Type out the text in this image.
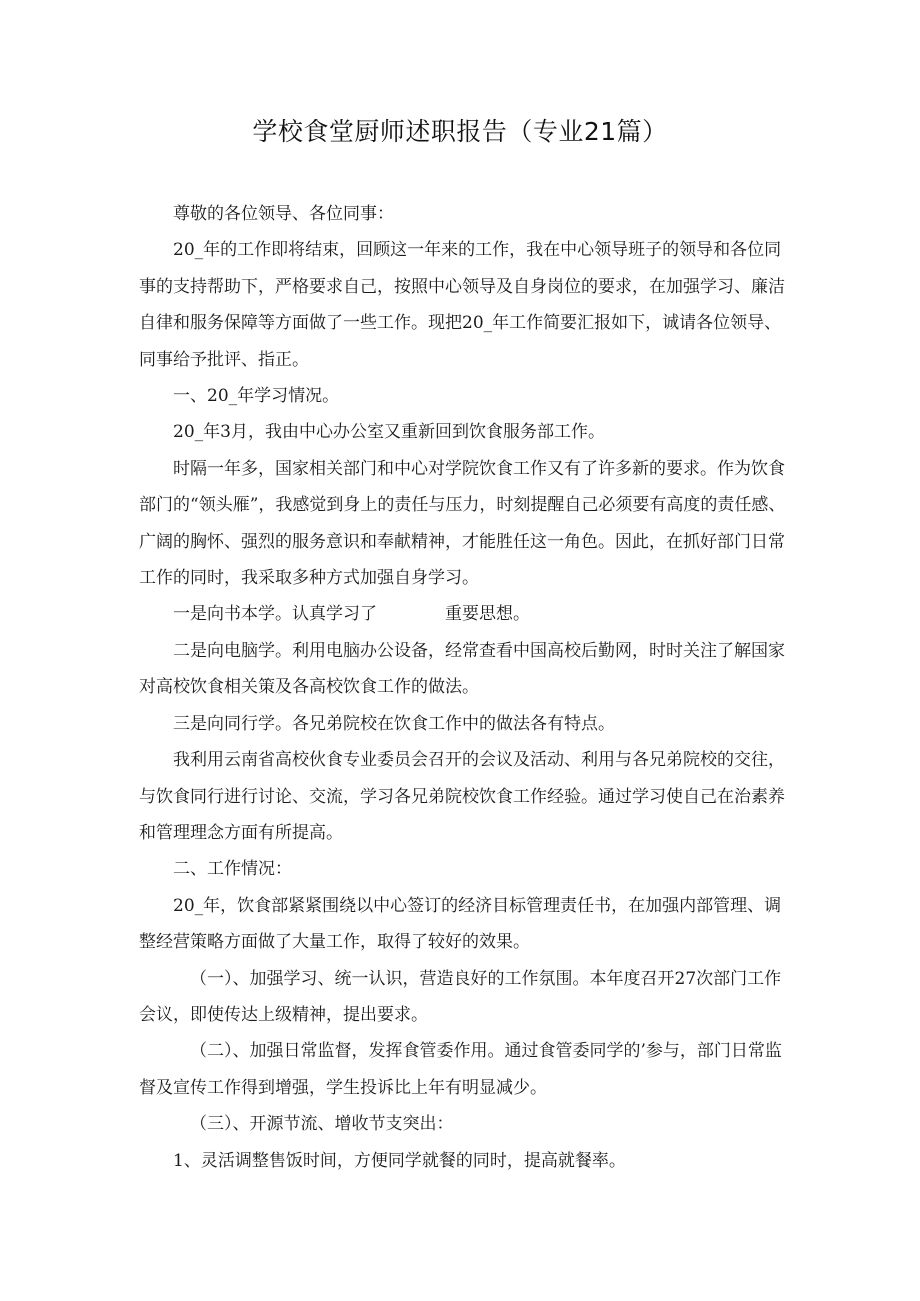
学校食堂厨师述职报告（专业21篇）

尊敬的各位领导、各位同事：

20_年的工作即将结束，回顾这一年来的工作，我在中心领导班子的领导和各位同事的支持帮助下，严格要求自己，按照中心领导及自身岗位的要求，在加强学习、廉洁自律和服务保障等方面做了一些工作。现把20_年工作简要汇报如下，诚请各位领导、同事给予批评、指正。

一、20_年学习情况。

20_年3月，我由中心办公室又重新回到饮食服务部工作。

时隔一年多，国家相关部门和中心对学院饮食工作又有了许多新的要求。作为饮食部门的“领头雁”，我感觉到身上的责任与压力，时刻提醒自己必须要有高度的责任感、广阔的胸怀、强烈的服务意识和奉献精神，才能胜任这一角色。因此，在抓好部门日常工作的同时，我采取多种方式加强自身学习。

一是向书本学。认真学习了	重要思想。

二是向电脑学。利用电脑办公设备，经常查看中国高校后勤网，时时关注了解国家对高校饮食相关策及各高校饮食工作的做法。

三是向同行学。各兄弟院校在饮食工作中的做法各有特点。

我利用云南省高校伙食专业委员会召开的会议及活动、利用与各兄弟院校的交往，与饮食同行进行讨论、交流，学习各兄弟院校饮食工作经验。通过学习使自己在治素养和管理理念方面有所提高。

二、工作情况：

20_年，饮食部紧紧围绕以中心签订的经济目标管理责任书，在加强内部管理、调整经营策略方面做了大量工作，取得了较好的效果。

（一）、加强学习、统一认识，营造良好的工作氛围。本年度召开27次部门工作会议，即使传达上级精神，提出要求。

（二）、加强日常监督，发挥食管委作用。通过食管委同学的’参与，部门日常监督及宣传工作得到增强，学生投诉比上年有明显减少。

（三）、开源节流、增收节支突出：

1、灵活调整售饭时间，方便同学就餐的同时，提高就餐率。
